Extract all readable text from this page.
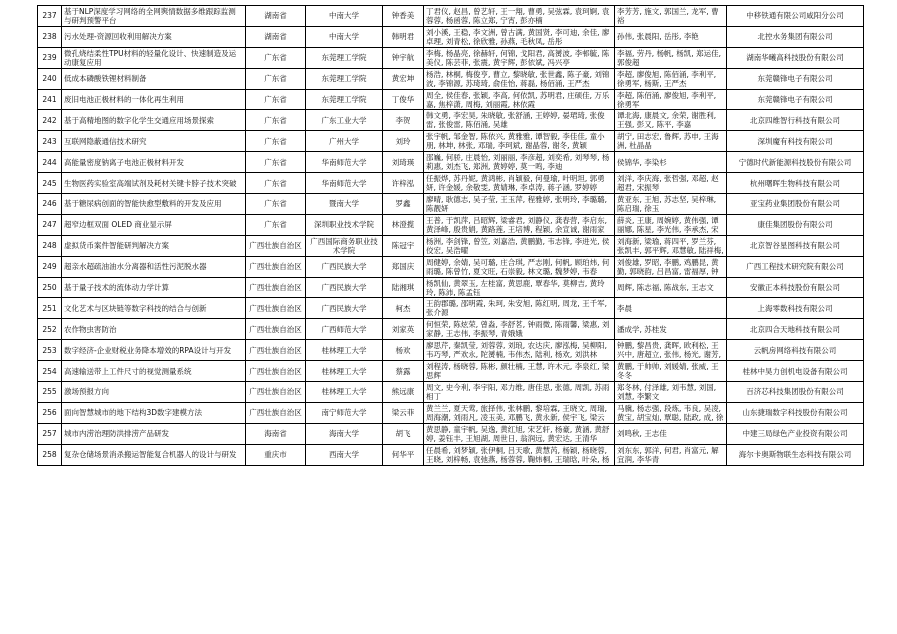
237	基于NLP深度学习网络的全网舆情数据多维跟踪监测与研判预警平台	湖南省	中南大学	钟香美	丁君仪, 赵昌, 曾艺轩, 王一翔, 曹勇, 吴弦霖, 袁珂婀, 袁蓉蓉, 杨函蓉, 陈立郑, 宁宵, 彭亦楠	李芳芳, 施文, 郭国兰, 龙军, 曹裕	中移铁通有限公司咸阳分公司

238	污水处理-资源回收利用解决方案	湖南省	中南大学	韩明君	刘小溪, 王稳, 李文洲, 曾古满, 黄国贤, 李可迪, 余佳, 廖卓理, 刘青松, 徐欣雅, 孙燕, 毛秋凤, 岳彤	孙伟, 张晨阳, 岳彤, 李艳	北控水务集团有限公司

239	微孔烧结柔性TPU材料的轻量化设计、快速制造及运动康复应用	广东省	东莞理工学院	钟宇航	李梅, 杨晶亮, 徐赫轩, 何锦, 戈阳君, 高赟波, 李邨毓, 陈美仪, 陈芸菲, 张震, 黄宇辉, 彭依斌, 冯兴亭	李福, 劳丹, 杨帆, 杨凯, 郑运佳, 郭俊超	湖南华曦高科技股份有限公司

240	低成本磷酸铁锂材料制备	广东省	东莞理工学院	黄宏坤	杨浩, 林桐, 梅俊亨, 曹立, 黎晓敏, 张世鑫, 陈子豪, 刘锦波, 李锦源, 苏琦琦, 俞佳怡, 蒋磊, 杨佰涌, 王严杰	李超, 廖俊旭, 陈佰涌, 李利平, 徐勇军, 杨斯, 王严杰	东莞赣锋电子有限公司

241	废旧电池正极材料的一体化再生利用	广东省	东莞理工学院	丁俊华	周全, 侯佳春, 张颖, 李高, 何依凯, 苏明君, 庄硕佳, 万乐嘉, 焦梓潇, 周梅, 刘丽霞, 林依霞	李超, 陈佰涌, 廖俊旭, 李利平, 徐勇军	东莞赣锋电子有限公司

242	基于高精地图的数字化学生交通应用场景探索	广东省	广东工业大学	李贺	韩文勇, 李宏昊, 朱晓敏, 张舒涵, 王婷婷, 晏珺琦, 张俊雷, 张俊雷, 陈佰涌, 吴雄	谭北海, 康晨文, 余荣, 谢胜利, 王强, 彭又, 陈平, 李嘉	北京四维智行科技有限公司

243	互联网隐蔽通信技术研究	广东省	广州大学	刘玲	张宇帆, 邹金智, 陈依兴, 黄雅雅, 谭智毅, 李佳佳, 童小朋, 林坤, 林张, 邓瑞, 李珂斌, 谢晶蓉, 谢冬, 黄颖	胡宁, 田志宏, 鲁辉, 苏申, 王海洲, 杜晶晶	深圳魔有科技有限公司

244	高能量密度钠离子电池正极材料开发	广东省	华南师范大学	刘琦瑛	邵巍, 何骄, 庄晨怡, 刘丽丽, 李彦超, 刘奕希, 刘琴琴, 杨莉惠, 刘杰飞, 郑洲, 黄婷婷, 莫一鸣, 李迪	侯锦华, 李染杉	宁德时代新能源科技股份有限公司

245	生物医药实验室高端试剂及耗材关键卡脖子技术突破	广东省	华南师范大学	许梓泓	任振烨, 苏丹妮, 黄鸿彬, 肖颖毅, 何曼瑜, 叶明坦, 郭勇妍, 许金媛, 余敬雯, 黄婧琳, 李卓涛, 蒋子涵, 罗婷婷	刘洋, 李庆海, 张哲强, 邓超, 赵超君, 宋振琴	杭州曙晖生物科技有限公司

246	基于糖尿病创面的智能快愈型敷料的开发及应用	广东省	暨南大学	罗鑫	廖晴, 耿德志, 吴子莹, 王玉萍, 程雅婷, 张明玲, 李璐璐, 陈靓妍	黄亚东, 王旭, 苏志坚, 吴梓琳, 陈启瑞, 徐玉	亚宝药业集团股份有限公司

247	超窄边框双面 OLED 商业显示屏	广东省	深圳职业技术学院	林澄揽	王普, 于凯萍, 吕昭辉, 梁睿君, 刘静仪, 龚春营, 李启东, 黄泽峰, 殷贵娟, 黄路莲, 王培博, 程颖, 余宣诚, 谢雨家	薛炎, 王康, 周婉婷, 黄伟强, 谭丽娜, 陈星, 李光伟, 李承杰, 宋	康佳集团股份有限公司

248	虚拟货币案件智能研判解决方案	广西壮族自治区	广西国际商务职业技术学院	陈冠宇	杨洲, 李剑锋, 曾笠, 刘嘉浩, 黄鹏勤, 韦志锋, 李进光, 侯佼宏, 吴浩曜	刘海新, 梁瑜, 蒋四平, 罗兰芬, 张凯丰, 郭平辉, 邓慧敏, 陆祥梅,	北京智谷星图科技有限公司

249	超亲水超疏油油水分离器和活性污泥脱水器	广西壮族自治区	广西民族大学	郑国庆	周健婷, 余婧, 吴可璐, 庄合琪, 严志刚, 何帆, 顾珀炜, 何雨璐, 陈曾竹, 夏文旺, 石崇毅, 林文璐, 魏梦婷, 韦春	刘俊雄, 罗昭, 李鹏, 鸡鹏昆, 黄勤, 郭晓韵, 吕昌富, 雷福厚, 钟	广西工程技术研究院有限公司

250	基于量子技术的流体动力学计算	广西壮族自治区	广西民族大学	陆湘琪	杨凯仙, 黄翠玉, 左桂富, 黄思鹿, 覃春华, 莫柳吉, 黄玲玲, 陈沛, 陈孟钰	周辉, 陈志福, 陈战东, 王志文	安徽正本科技股份有限公司

251	文化艺术与区块链等数字科技的结合与创新	广西壮族自治区	广西民族大学	柯杰	王韵郡璐, 邵明霞, 朱珂, 朱安旭, 陈红明, 周龙, 王千军, 张介源	李晨	上海零数科技有限公司

252	农作物虫害防治	广西壮族自治区	广西师范大学	刘家英	何恒荣, 陈炫荣, 曾淼, 李舒茗, 钟雨微, 陈雨馨, 梁惠, 刘家静, 王志伟, 李振琴, 青娥娥	潘成学, 苏桂发	北京四合天地科技有限公司

253	数字经济-企业财税业务降本增效的RPA设计与开发	广西壮族自治区	桂林理工大学	杨欢	廖思芹, 秦凯莹, 刘蓉蓉, 刘琅, 农达庆, 廖泓梅, 吴柳阳, 韦巧琴, 严欢永, 陀赟楠, 韦伟杰, 陆利, 杨欢, 刘洪林	钟鹏, 黎昌贵, 龚晖, 欧利松, 王兴中, 唐超立, 张伟, 杨光, 谢芳,	云帆房网络科技有限公司

254	高速输送带上工件尺寸的视觉测量系统	广西壮族自治区	桂林理工大学	蔡露	刘程涛, 杨晓蓉, 陈彬, 颜壮楠, 王慧, 许木元, 李泉红, 梁思辉	黄鹏, 于帅帅, 刘媛婧, 张威, 王冬冬	桂林中昊力创机电设备有限公司

255	激场预报方向	广西壮族自治区	桂林理工大学	熊远康	周文, 史今利, 李宇阳, 邓力维, 唐佳思, 张德, 周凯, 苏雨相丁	郑冬林, 付泽雄, 刘韦慧, 刘国, 刘慧, 李繁文	百济芯科技集团股份有限公司

256	面向智慧城市的地下结构3D数字建模方法	广西壮族自治区	南宁师范大学	梁云菲	黄兰兰, 夏天莺, 旅择伟, 张林鹏, 黎培霖, 王晓文, 周瑞, 周海潮, 刘雨凡, 凌玉美, 邓鹏飞, 黄永新, 侯宇飞, 梁云	马骥, 杨志强, 段炼, 韦良, 吴凌, 黄宝, 胡宝灿, 覃聪, 陆政, 成, 徐	山东捷瑞数字科技股份有限公司

257	城市内涝治理防洪排涝产品研发	海南省	海南大学	胡飞	黄思静, 童宇帆, 吴逸, 黄红旭, 宋艺轩, 杨豪, 黄涵, 黄舒婷, 姜钰丰, 王旭湖, 周世日, 翁润远, 黄宏达, 王清华	刘鸣秋, 王志佳	中建三局绿色产业投资有限公司

258	复杂仓储场景消杀搬运智能复合机器人的设计与研发	重庆市	西南大学	何华平	任晨希, 刘梦颖, 张伊桐, 吕天歌, 黄慧芮, 杨颖, 杨晓蓉, 王晓, 刘梓畅, 袁弛燕, 杨蓉蓉, 鞠炜桐, 王瑞晗, 叶朵, 杨	刘东东, 郭洋, 何君, 肖富元, 解宜润, 李华青	海尔卡奥斯物联生态科技有限公司
